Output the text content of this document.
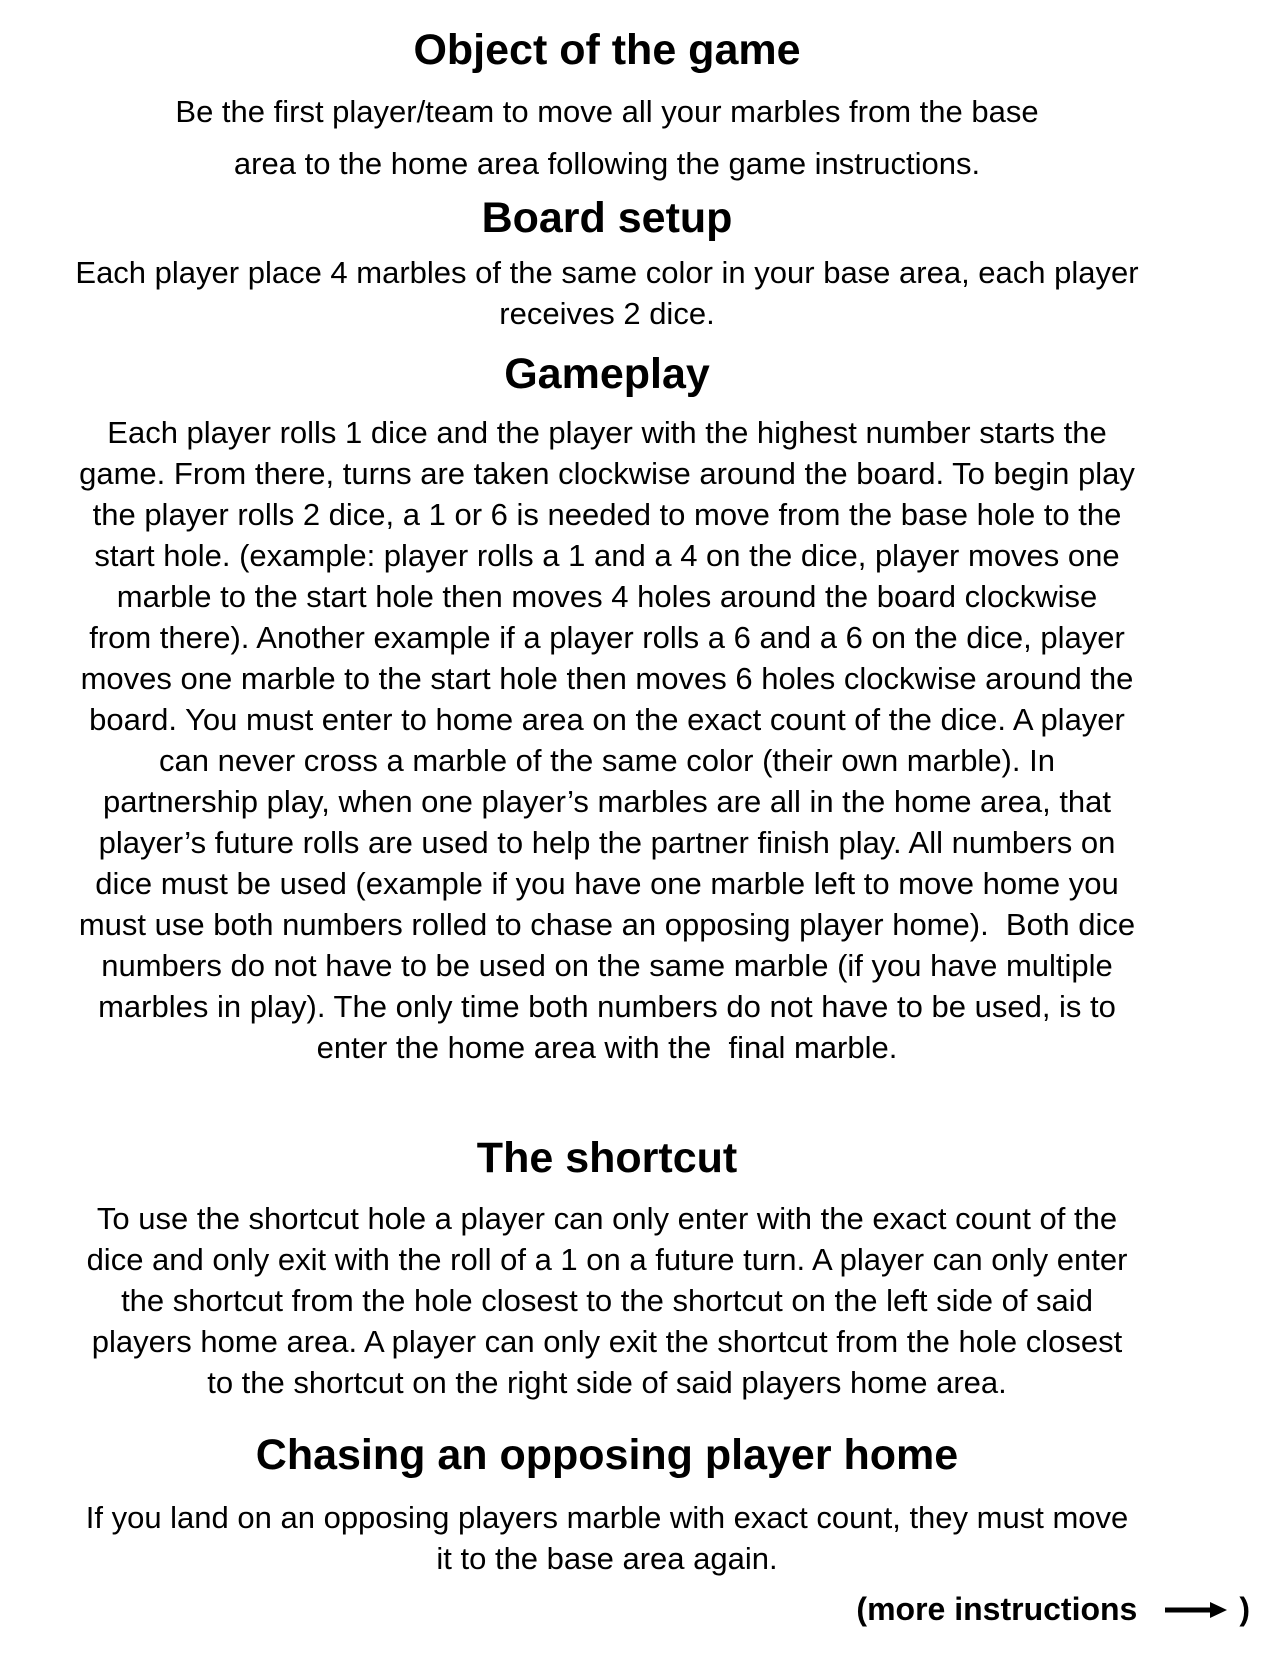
Object of the game
Be the first player/team to move all your marbles from the base
area to the home area following the game instructions.
Board setup
Each player place 4 marbles of the same color in your base area, each player
receives 2 dice.
Gameplay
Each player rolls 1 dice and the player with the highest number starts the
game. From there, turns are taken clockwise around the board. To begin play
the player rolls 2 dice, a 1 or 6 is needed to move from the base hole to the
start hole. (example: player rolls a 1 and a 4 on the dice, player moves one
marble to the start hole then moves 4 holes around the board clockwise
from there). Another example if a player rolls a 6 and a 6 on the dice, player
moves one marble to the start hole then moves 6 holes clockwise around the
board. You must enter to home area on the exact count of the dice. A player
can never cross a marble of the same color (their own marble). In
partnership play, when one player’s marbles are all in the home area, that
player’s future rolls are used to help the partner finish play. All numbers on
dice must be used (example if you have one marble left to move home you
must use both numbers rolled to chase an opposing player home).  Both dice
numbers do not have to be used on the same marble (if you have multiple
marbles in play). The only time both numbers do not have to be used, is to
enter the home area with the  final marble.
The shortcut
To use the shortcut hole a player can only enter with the exact count of the
dice and only exit with the roll of a 1 on a future turn. A player can only enter
the shortcut from the hole closest to the shortcut on the left side of said
players home area. A player can only exit the shortcut from the hole closest
to the shortcut on the right side of said players home area.
Chasing an opposing player home
If you land on an opposing players marble with exact count, they must move
it to the base area again.
(more instructions	)
